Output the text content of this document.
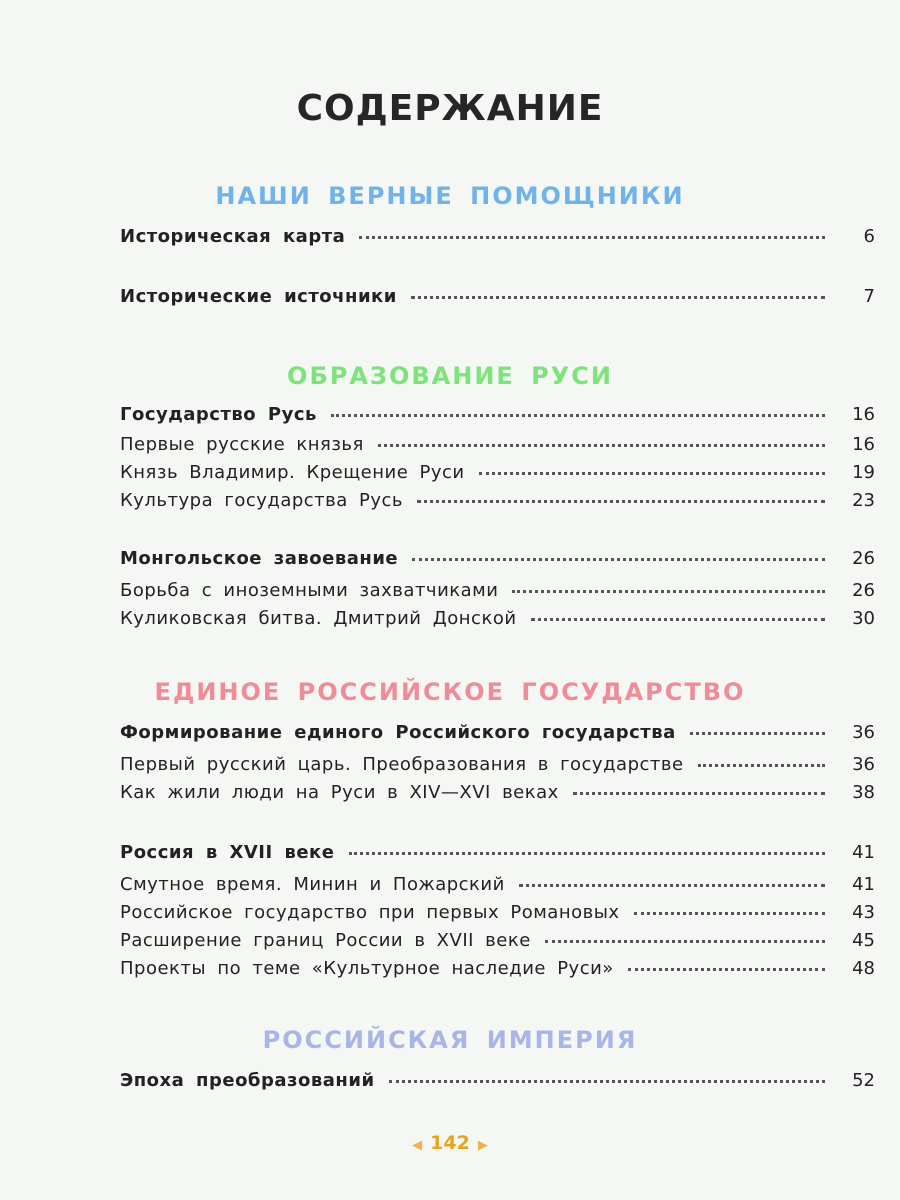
СОДЕРЖАНИЕ
НАШИ ВЕРНЫЕ ПОМОЩНИКИ
Историческая карта	6
Исторические источники	7
ОБРАЗОВАНИЕ РУСИ
Государство Русь	16
Первые русские князья	16
Князь Владимир. Крещение Руси	19
Культура государства Русь	23
Монгольское завоевание	26
Борьба с иноземными захватчиками	26
Куликовская битва. Дмитрий Донской	30
ЕДИНОЕ РОССИЙСКОЕ ГОСУДАРСТВО
Формирование единого Российского государства	36
Первый русский царь. Преобразования в государстве	36
Как жили люди на Руси в XIV—XVI веках	38
Россия в XVII веке	41
Смутное время. Минин и Пожарский	41
Российское государство при первых Романовых	43
Расширение границ России в XVII веке	45
Проекты по теме «Культурное наследие Руси»	48
РОССИЙСКАЯ ИМПЕРИЯ
Эпоха преобразований	52
◀ 142 ▶
